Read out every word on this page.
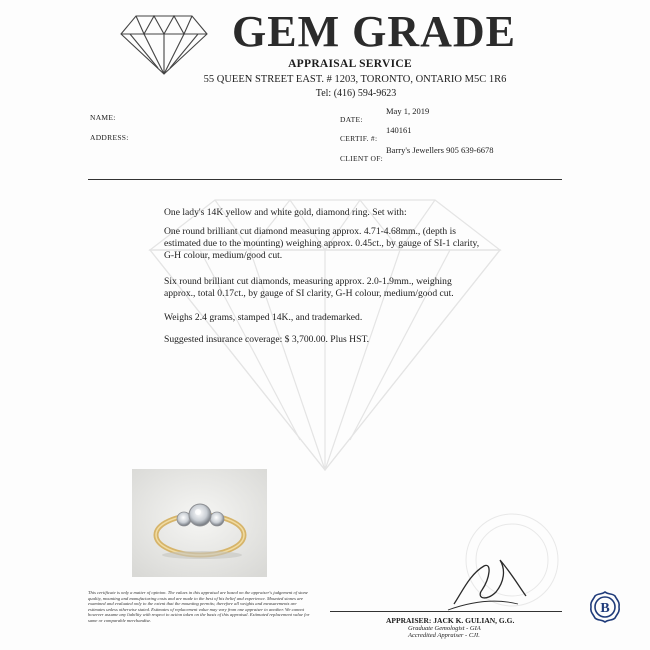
GEM GRADE
APPRAISAL SERVICE
55 QUEEN STREET EAST. # 1203, TORONTO, ONTARIO M5C 1R6
Tel: (416) 594-9623
NAME:
ADDRESS:
DATE:
May 1, 2019
CERTIF. #:
140161
CLIENT OF:
Barry's Jewellers 905 639-6678

One lady's 14K yellow and white gold, diamond ring. Set with:

One round brilliant cut diamond measuring approx. 4.71-4.68mm., (depth is estimated due to the mounting) weighing approx. 0.45ct., by gauge of SI-1 clarity, G-H colour, medium/good cut.

Six round brilliant cut diamonds, measuring approx. 2.0-1.9mm., weighing approx., total 0.17ct., by gauge of SI clarity, G-H colour, medium/good cut.

Weighs 2.4 grams, stamped 14K., and trademarked.

Suggested insurance coverage: $ 3,700.00. Plus HST.

This certificate is only a matter of opinion. The values in this appraisal are based on the appraiser's judgement of stone quality, mounting and manufacturing costs and are made to the best of his belief and experience. Mounted stones are examined and evaluated only to the extent that the mounting permits; therefore all weights and measurements are estimates unless otherwise stated. Estimates of replacement value may vary from one appraiser to another. We cannot however assume any liability with respect to action taken on the basis of this appraisal. Estimated replacement value for same or comparable merchandise.	APPRAISER: JACK K. GULIAN, G.G.
Graduate Gemologist - GIA
Accredited Appraiser - CJI.
B
